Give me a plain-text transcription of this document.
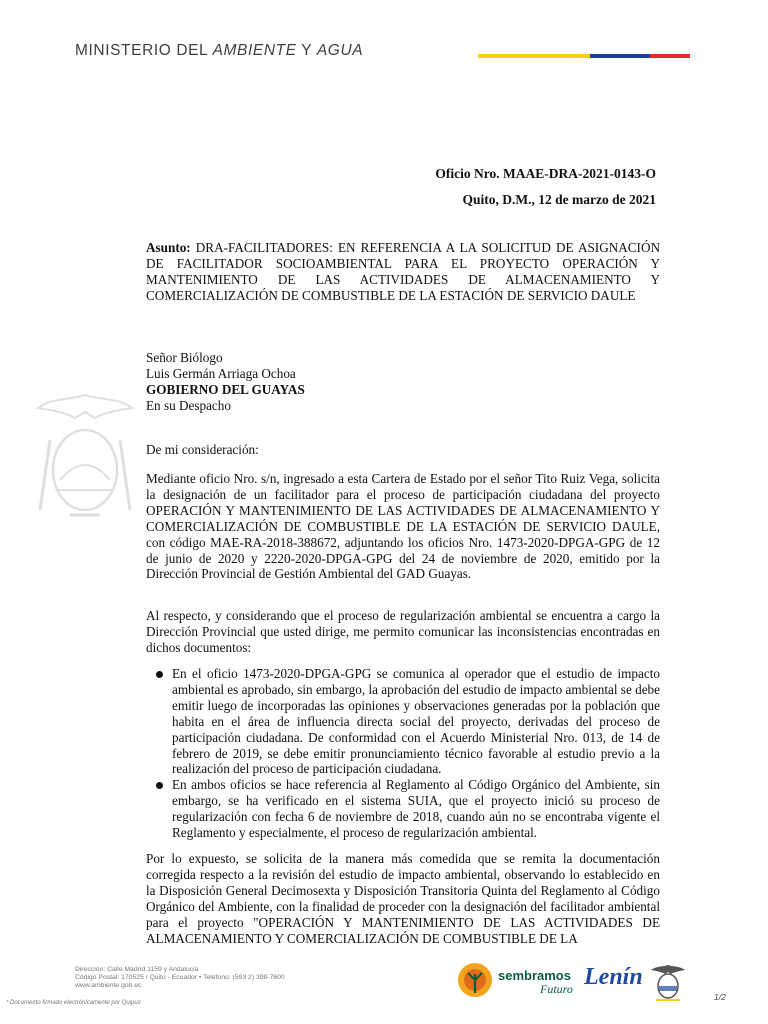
MINISTERIO DEL AMBIENTE Y AGUA
Oficio Nro. MAAE-DRA-2021-0143-O
Quito, D.M., 12 de marzo de 2021
Asunto: DRA-FACILITADORES: EN REFERENCIA A LA SOLICITUD DE ASIGNACIÓN DE FACILITADOR SOCIOAMBIENTAL PARA EL PROYECTO OPERACIÓN Y MANTENIMIENTO DE LAS ACTIVIDADES DE ALMACENAMIENTO Y COMERCIALIZACIÓN DE COMBUSTIBLE DE LA ESTACIÓN DE SERVICIO DAULE
Señor Biólogo
Luis Germán Arriaga Ochoa
GOBIERNO DEL GUAYAS
En su Despacho
De mi consideración:
Mediante oficio Nro. s/n, ingresado a esta Cartera de Estado por el señor Tito Ruiz Vega, solicita la designación de un facilitador para el proceso de participación ciudadana del proyecto OPERACIÓN Y MANTENIMIENTO DE LAS ACTIVIDADES DE ALMACENAMIENTO Y COMERCIALIZACIÓN DE COMBUSTIBLE DE LA ESTACIÓN DE SERVICIO DAULE, con código MAE-RA-2018-388672, adjuntando los oficios Nro. 1473-2020-DPGA-GPG de 12 de junio de 2020 y 2220-2020-DPGA-GPG del 24 de noviembre de 2020, emitido por la Dirección Provincial de Gestión Ambiental del GAD Guayas.
Al respecto, y considerando que el proceso de regularización ambiental se encuentra a cargo la Dirección Provincial que usted dirige, me permito comunicar las inconsistencias encontradas en dichos documentos:
En el oficio 1473-2020-DPGA-GPG se comunica al operador que el estudio de impacto ambiental es aprobado, sin embargo, la aprobación del estudio de impacto ambiental se debe emitir luego de incorporadas las opiniones y observaciones generadas por la población que habita en el área de influencia directa social del proyecto, derivadas del proceso de participación ciudadana. De conformidad con el Acuerdo Ministerial Nro. 013, de 14 de febrero de 2019, se debe emitir pronunciamiento técnico favorable al estudio previo a la realización del proceso de participación ciudadana.
En ambos oficios se hace referencia al Reglamento al Código Orgánico del Ambiente, sin embargo, se ha verificado en el sistema SUIA, que el proyecto inició su proceso de regularización con fecha 6 de noviembre de 2018, cuando aún no se encontraba vigente el Reglamento y especialmente, el proceso de regularización ambiental.
Por lo expuesto, se solicita de la manera más comedida que se remita la documentación corregida respecto a la revisión del estudio de impacto ambiental, observando lo establecido en la Disposición General Decimosexta y Disposición Transitoria Quinta del Reglamento al Código Orgánico del Ambiente, con la finalidad de proceder con la designación del facilitador ambiental para el proyecto "OPERACIÓN Y MANTENIMIENTO DE LAS ACTIVIDADES DE ALMACENAMIENTO Y COMERCIALIZACIÓN DE COMBUSTIBLE DE LA
Dirección: Calle Madrid 1159 y Andalucia
Código Postal: 170525 / Quito - Ecuador • Teléfono: (593 2) 398-7600
www.ambiente.gob.ec
sembramos
Futuro Lenín
1/2
* Documento firmado electrónicamente por Quipux
